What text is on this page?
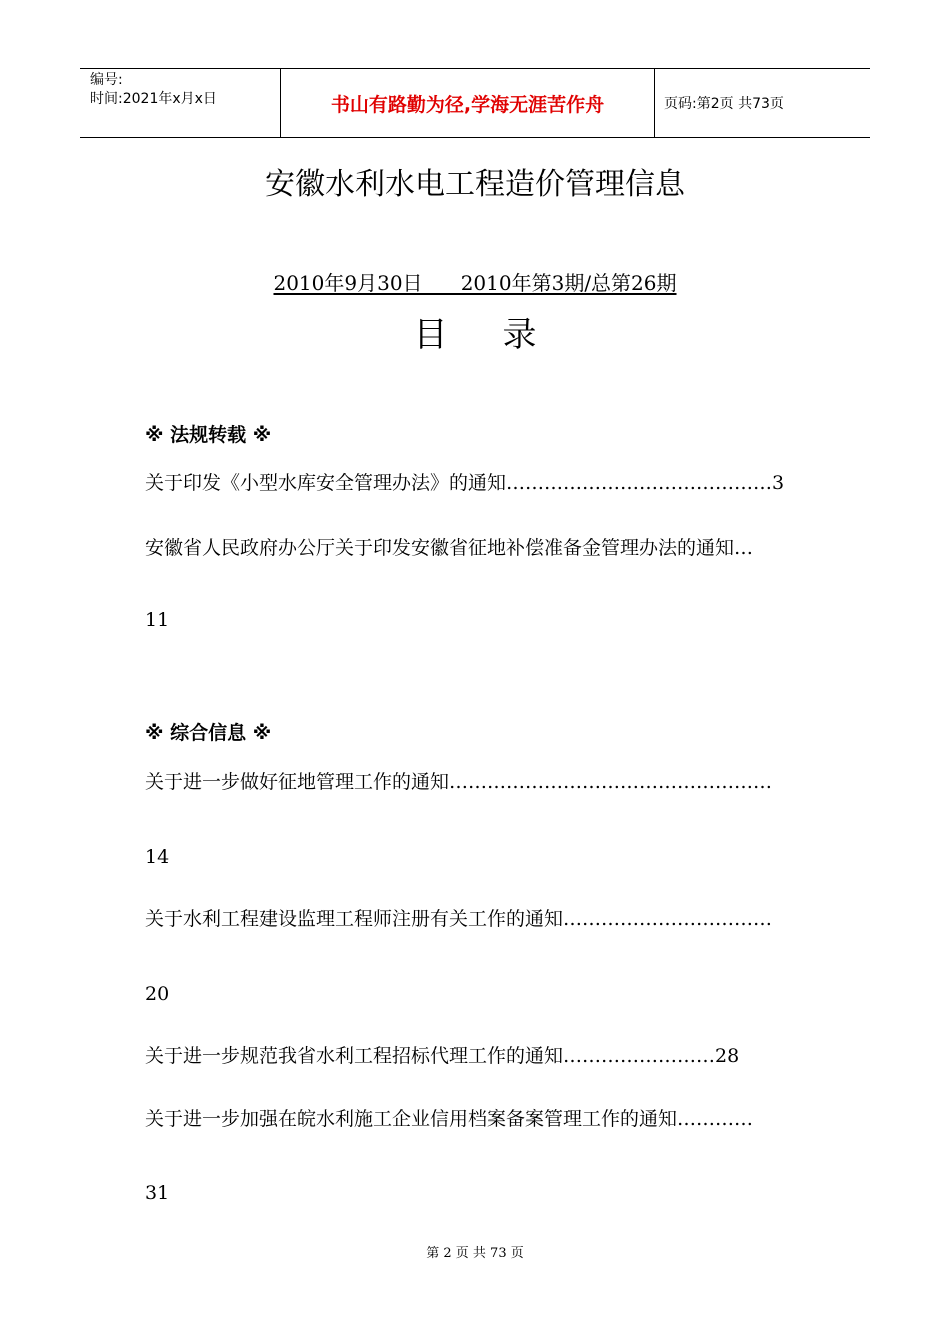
编号:
时间:2021年x月x日	书山有路勤为径,学海无涯苦作舟	页码:第2页 共73页
安徽水利水电工程造价管理信息
2010年9月30日      2010年第3期/总第26期
目录
※ 法规转载 ※
关于印发《小型水库安全管理办法》的通知……………………………………3
安徽省人民政府办公厅关于印发安徽省征地补偿准备金管理办法的通知…
11
※ 综合信息 ※
关于进一步做好征地管理工作的通知……………………………………………
14
关于水利工程建设监理工程师注册有关工作的通知……………………………
20
关于进一步规范我省水利工程招标代理工作的通知……………………28
关于进一步加强在皖水利施工企业信用档案备案管理工作的通知…………
31
第 2 页 共 73 页
